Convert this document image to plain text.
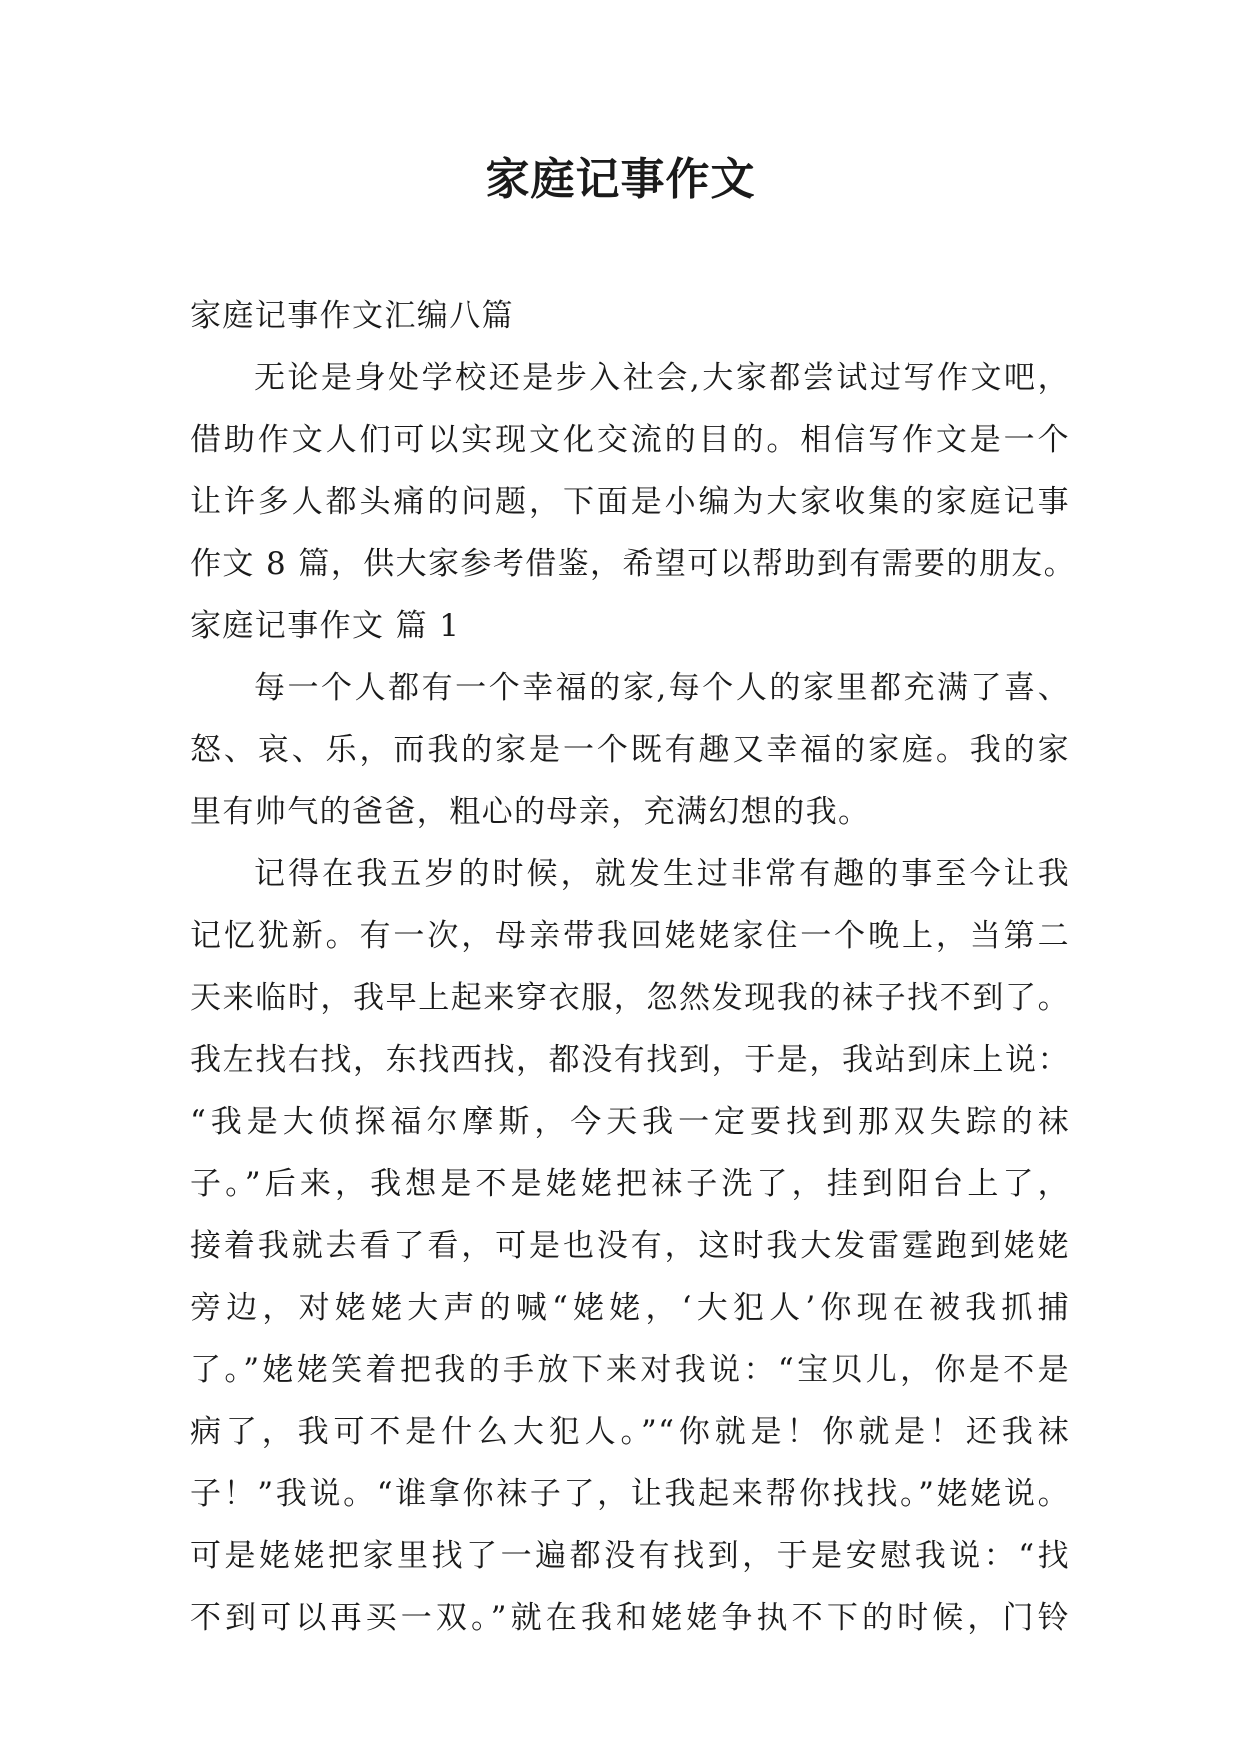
家庭记事作文
家庭记事作文汇编八篇
无论是身处学校还是步入社会,大家都尝试过写作文吧，
借助作文人们可以实现文化交流的目的。相信写作文是一个
让许多人都头痛的问题，下面是小编为大家收集的家庭记事
作文 8 篇，供大家参考借鉴，希望可以帮助到有需要的朋友。
家庭记事作文 篇 1
每一个人都有一个幸福的家,每个人的家里都充满了喜、
怒、哀、乐，而我的家是一个既有趣又幸福的家庭。我的家
里有帅气的爸爸，粗心的母亲，充满幻想的我。
记得在我五岁的时候，就发生过非常有趣的事至今让我
记忆犹新。有一次，母亲带我回姥姥家住一个晚上，当第二
天来临时，我早上起来穿衣服，忽然发现我的袜子找不到了。
我左找右找，东找西找，都没有找到，于是，我站到床上说：
“我是大侦探福尔摩斯，今天我一定要找到那双失踪的袜
子。”后来，我想是不是姥姥把袜子洗了，挂到阳台上了，
接着我就去看了看，可是也没有，这时我大发雷霆跑到姥姥
旁边，对姥姥大声的喊“姥姥，‘大犯人’你现在被我抓捕
了。”姥姥笑着把我的手放下来对我说：“宝贝儿，你是不是
病了，我可不是什么大犯人。”“你就是！你就是！还我袜
子！”我说。“谁拿你袜子了，让我起来帮你找找。”姥姥说。
可是姥姥把家里找了一遍都没有找到，于是安慰我说：“找
不到可以再买一双。”就在我和姥姥争执不下的时候，门铃
